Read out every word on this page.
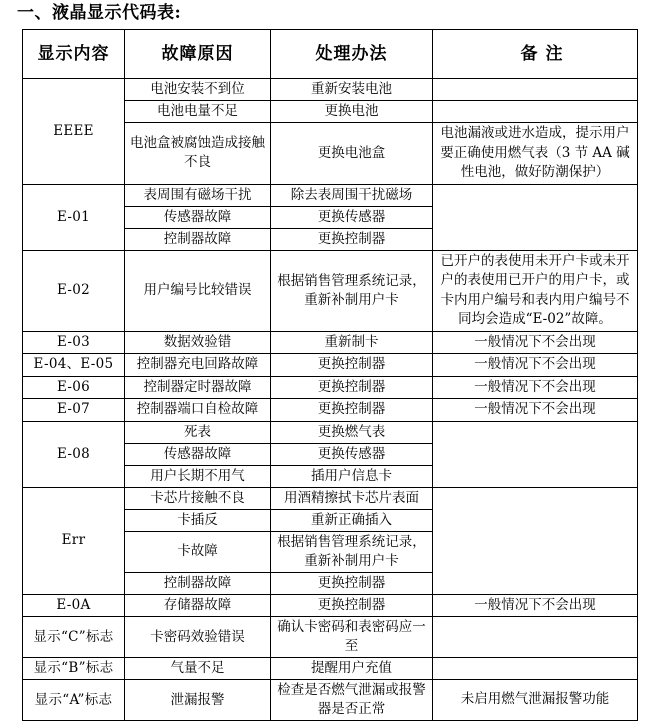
一、液晶显示代码表:
显示内容	故障原因	处理办法	备 注
EEEE	电池安装不到位	重新安装电池	

	电池电量不足	更换电池	

	电池盒被腐蚀造成接触不良	更换电池盒	电池漏液或进水造成，提示用户要正确使用燃气表（3 节 AA 碱性电池，做好防潮保护）

E-01	表周围有磁场干扰	除去表周围干扰磁场	

	传感器故障	更换传感器	
	控制器故障	更换控制器	
E-02	用户编号比较错误	根据销售管理系统记录，重新补制用户卡	已开户的表使用未开户卡或未开户的表使用已开户的用户卡，或卡内用户编号和表内用户编号不同均会造成“E-02”故障。

E-03	数据效验错	重新制卡	一般情况下不会出现

E-04、E-05	控制器充电回路故障	更换控制器	一般情况下不会出现

E-06	控制器定时器故障	更换控制器	一般情况下不会出现

E-07	控制器端口自检故障	更换控制器	一般情况下不会出现

E-08	死表	更换燃气表	

	传感器故障	更换传感器	
	用户长期不用气	插用户信息卡	
Err	卡芯片接触不良	用酒精擦拭卡芯片表面	

	卡插反	重新正确插入	
	卡故障	根据销售管理系统记录，重新补制用户卡	
	控制器故障	更换控制器	
E-0A	存储器故障	更换控制器	一般情况下不会出现

显示“C”标志	卡密码效验错误	确认卡密码和表密码应一至	

显示“B”标志	气量不足	提醒用户充值	

显示“A”标志	泄漏报警	检查是否燃气泄漏或报警器是否正常	未启用燃气泄漏报警功能
